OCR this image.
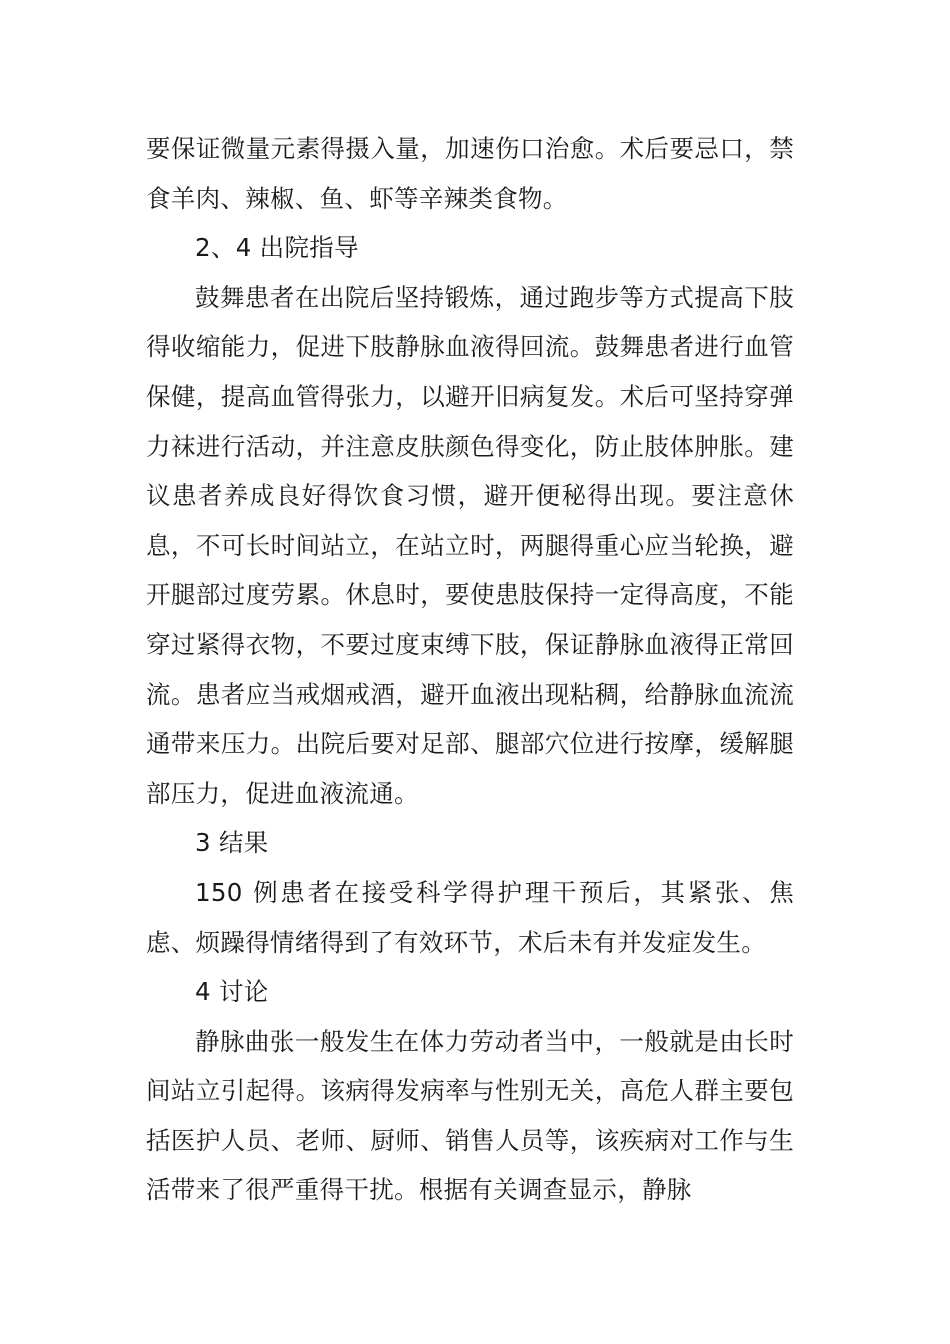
要保证微量元素得摄入量，加速伤口治愈。术后要忌口，禁食羊肉、辣椒、鱼、虾等辛辣类食物。

2、4 出院指导

鼓舞患者在出院后坚持锻炼，通过跑步等方式提高下肢得收缩能力，促进下肢静脉血液得回流。鼓舞患者进行血管保健，提高血管得张力，以避开旧病复发。术后可坚持穿弹力袜进行活动，并注意皮肤颜色得变化，防止肢体肿胀。建议患者养成良好得饮食习惯，避开便秘得出现。要注意休息，不可长时间站立，在站立时，两腿得重心应当轮换，避开腿部过度劳累。休息时，要使患肢保持一定得高度，不能穿过紧得衣物，不要过度束缚下肢，保证静脉血液得正常回流。患者应当戒烟戒酒，避开血液出现粘稠，给静脉血流流通带来压力。出院后要对足部、腿部穴位进行按摩，缓解腿部压力，促进血液流通。

3 结果

150 例患者在接受科学得护理干预后，其紧张、焦虑、烦躁得情绪得到了有效环节，术后未有并发症发生。

4 讨论

静脉曲张一般发生在体力劳动者当中，一般就是由长时间站立引起得。该病得发病率与性别无关，高危人群主要包括医护人员、老师、厨师、销售人员等，该疾病对工作与生活带来了很严重得干扰。根据有关调查显示，静脉
